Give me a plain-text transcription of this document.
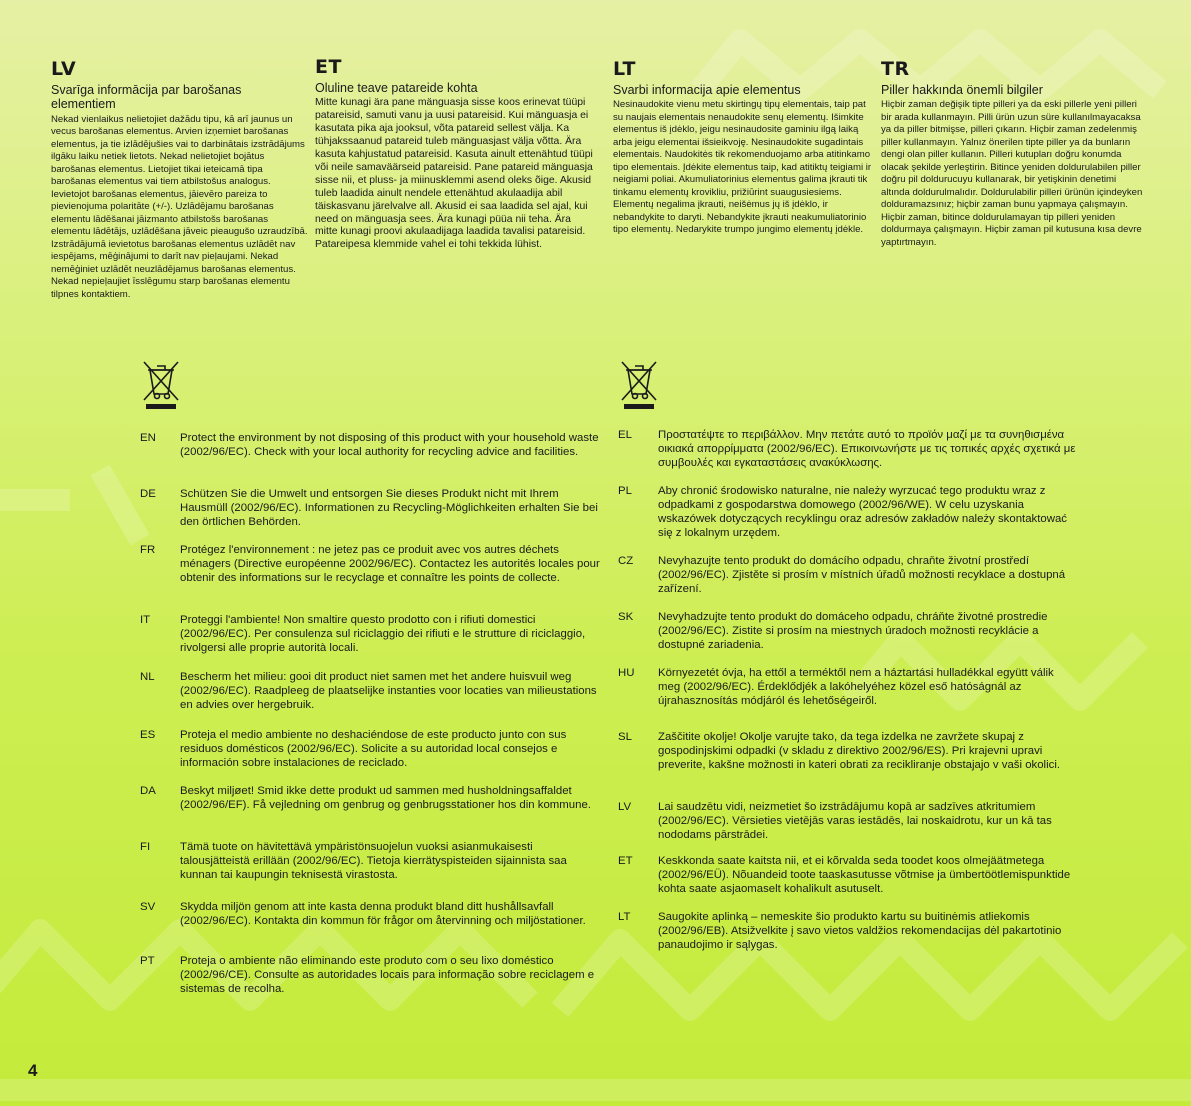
LV
Svarīga informācija par barošanas elementiem

Nekad vienlaikus nelietojiet dažādu tipu, kā arī jaunus un vecus barošanas elementus. Arvien izņemiet barošanas elementus, ja tie izlādējušies vai to darbinātais izstrādājums ilgāku laiku netiek lietots. Nekad nelietojiet bojātus barošanas elementus. Lietojiet tikai ieteicamā tipa barošanas elementus vai tiem atbilstošus analogus. Ievietojot barošanas elementus, jāievēro pareiza to pievienojuma polaritāte (+/-). Uzlādējamu barošanas elementu lādēšanai jāizmanto atbilstošs barošanas elementu lādētājs, uzlādēšana jāveic pieaugušo uzraudzībā. Izstrādājumā ievietotus barošanas elementus uzlādēt nav iespējams, mēģinājumi to darīt nav pieļaujami. Nekad nemēģiniet uzlādēt neuzlādējamus barošanas elementus. Nekad nepieļaujiet īsslēgumu starp barošanas elementu tilpnes kontaktiem.

ET
Oluline teave patareide kohta

Mitte kunagi ära pane mänguasja sisse koos erinevat tüüpi patareisid, samuti vanu ja uusi patareisid. Kui mänguasja ei kasutata pika aja jooksul, võta patareid sellest välja. Ka tühjakssaanud patareid tuleb mänguasjast välja võtta. Ära kasuta kahjustatud patareisid. Kasuta ainult ettenähtud tüüpi või neile samaväärseid patareisid. Pane patareid mänguasja sisse nii, et pluss- ja miinusklemmi asend oleks õige. Akusid tuleb laadida ainult nendele ettenähtud akulaadija abil täiskasvanu järelvalve all. Akusid ei saa laadida sel ajal, kui need on mänguasja sees. Ära kunagi püüa nii teha. Ära mitte kunagi proovi akulaadijaga laadida tavalisi patareisid. Patareipesa klemmide vahel ei tohi tekkida lühist.

LT
Svarbi informacija apie elementus

Nesinaudokite vienu metu skirtingų tipų elementais, taip pat su naujais elementais nenaudokite senų elementų. Išimkite elementus iš įdėklo, jeigu nesinaudosite gaminiu ilgą laiką arba jeigu elementai išsieikvoję. Nesinaudokite sugadintais elementais. Naudokitės tik rekomenduojamo arba atitinkamo tipo elementais. Įdėkite elementus taip, kad atitiktų teigiami ir neigiami poliai. Akumuliatorinius elementus galima įkrauti tik tinkamu elementų krovikliu, prižiūrint suaugusiesiems. Elementų negalima įkrauti, neišėmus jų iš įdėklo, ir nebandykite to daryti. Nebandykite įkrauti neakumuliatorinio tipo elementų. Nedarykite trumpo jungimo elementų įdėkle.

TR
Piller hakkında önemli bilgiler

Hiçbir zaman değişik tipte pilleri ya da eski pillerle yeni pilleri bir arada kullanmayın. Pilli ürün uzun süre kullanılmayacaksa ya da piller bitmişse, pilleri çıkarın. Hiçbir zaman zedelenmiş piller kullanmayın. Yalnız önerilen tipte piller ya da bunların dengi olan piller kullanın. Pilleri kutupları doğru konumda olacak şekilde yerleştirin. Bitince yeniden doldurulabilen piller doğru pil doldurucuyu kullanarak, bir yetişkinin denetimi altında doldurulmalıdır. Doldurulabilir pilleri ürünün içindeyken dolduramazsınız; hiçbir zaman bunu yapmaya çalışmayın. Hiçbir zaman, bitince doldurulamayan tip pilleri yeniden doldurmaya çalışmayın. Hiçbir zaman pil kutusuna kısa devre yaptırtmayın.

EN	Protect the environment by not disposing of this product with your household waste (2002/96/EC). Check with your local authority for recycling advice and facilities.
DE	Schützen Sie die Umwelt und entsorgen Sie dieses Produkt nicht mit Ihrem Hausmüll (2002/96/EC). Informationen zu Recycling-Möglichkeiten erhalten Sie bei den örtlichen Behörden.
FR	Protégez l'environnement : ne jetez pas ce produit avec vos autres déchets ménagers (Directive européenne 2002/96/EC). Contactez les autorités locales pour obtenir des informations sur le recyclage et connaître les points de collecte.
IT	Proteggi l'ambiente! Non smaltire questo prodotto con i rifiuti domestici (2002/96/EC). Per consulenza sul riciclaggio dei rifiuti e le strutture di riciclaggio, rivolgersi alle proprie autorità locali.
NL	Bescherm het milieu: gooi dit product niet samen met het andere huisvuil weg (2002/96/EC). Raadpleeg de plaatselijke instanties voor locaties van milieustations en advies over hergebruik.
ES	Proteja el medio ambiente no deshaciéndose de este producto junto con sus residuos domésticos (2002/96/EC). Solicite a su autoridad local consejos e información sobre instalaciones de reciclado.
DA	Beskyt miljøet! Smid ikke dette produkt ud sammen med husholdningsaffaldet (2002/96/EF). Få vejledning om genbrug og genbrugsstationer hos din kommune.
FI	Tämä tuote on hävitettävä ympäristönsuojelun vuoksi asianmukaisesti talousjätteistä erillään (2002/96/EC). Tietoja kierrätyspisteiden sijainnista saa kunnan tai kaupungin teknisestä virastosta.
SV	Skydda miljön genom att inte kasta denna produkt bland ditt hushållsavfall (2002/96/EC). Kontakta din kommun för frågor om återvinning och miljöstationer.
PT	Proteja o ambiente não eliminando este produto com o seu lixo doméstico (2002/96/CE). Consulte as autoridades locais para informação sobre reciclagem e sistemas de recolha.
EL	Προστατέψτε το περιβάλλον. Μην πετάτε αυτό το προϊόν μαζί με τα συνηθισμένα οικιακά απορρίμματα (2002/96/EC). Επικοινωνήστε με τις τοπικές αρχές σχετικά με συμβουλές και εγκαταστάσεις ανακύκλωσης.
PL	Aby chronić środowisko naturalne, nie należy wyrzucać tego produktu wraz z odpadkami z gospodarstwa domowego (2002/96/WE). W celu uzyskania wskazówek dotyczących recyklingu oraz adresów zakładów należy skontaktować się z lokalnym urzędem.
CZ	Nevyhazujte tento produkt do domácího odpadu, chraňte životní prostředí (2002/96/EC). Zjistěte si prosím v místních úřadů možnosti recyklace a dostupná zařízení.
SK	Nevyhadzujte tento produkt do domáceho odpadu, chráňte životné prostredie (2002/96/EC). Zistite si prosím na miestnych úradoch možnosti recyklácie a dostupné zariadenia.
HU	Környezetét óvja, ha ettől a terméktől nem a háztartási hulladékkal együtt válik meg (2002/96/EC). Érdeklődjék a lakóhelyéhez közel eső hatóságnál az újrahasznosítás módjáról és lehetőségeiről.
SL	Zaščitite okolje! Okolje varujte tako, da tega izdelka ne zavržete skupaj z gospodinjskimi odpadki (v skladu z direktivo 2002/96/ES). Pri krajevni upravi preverite, kakšne možnosti in kateri obrati za recikliranje obstajajo v vaši okolici.
LV	Lai saudzētu vidi, neizmetiet šo izstrādājumu kopā ar sadzīves atkritumiem (2002/96/EC). Vērsieties vietējās varas iestādēs, lai noskaidrotu, kur un kā tas nododams pārstrādei.
ET	Keskkonda saate kaitsta nii, et ei kõrvalda seda toodet koos olmejäätmetega (2002/96/EÜ). Nõuandeid toote taaskasutusse võtmise ja ümbertöötlemispunktide kohta saate asjaomaselt kohalikult asutuselt.
LT	Saugokite aplinką – nemeskite šio produkto kartu su buitinėmis atliekomis (2002/96/EB). Atsižvelkite į savo vietos valdžios rekomendacijas dėl pakartotinio panaudojimo ir sąlygas.
4
